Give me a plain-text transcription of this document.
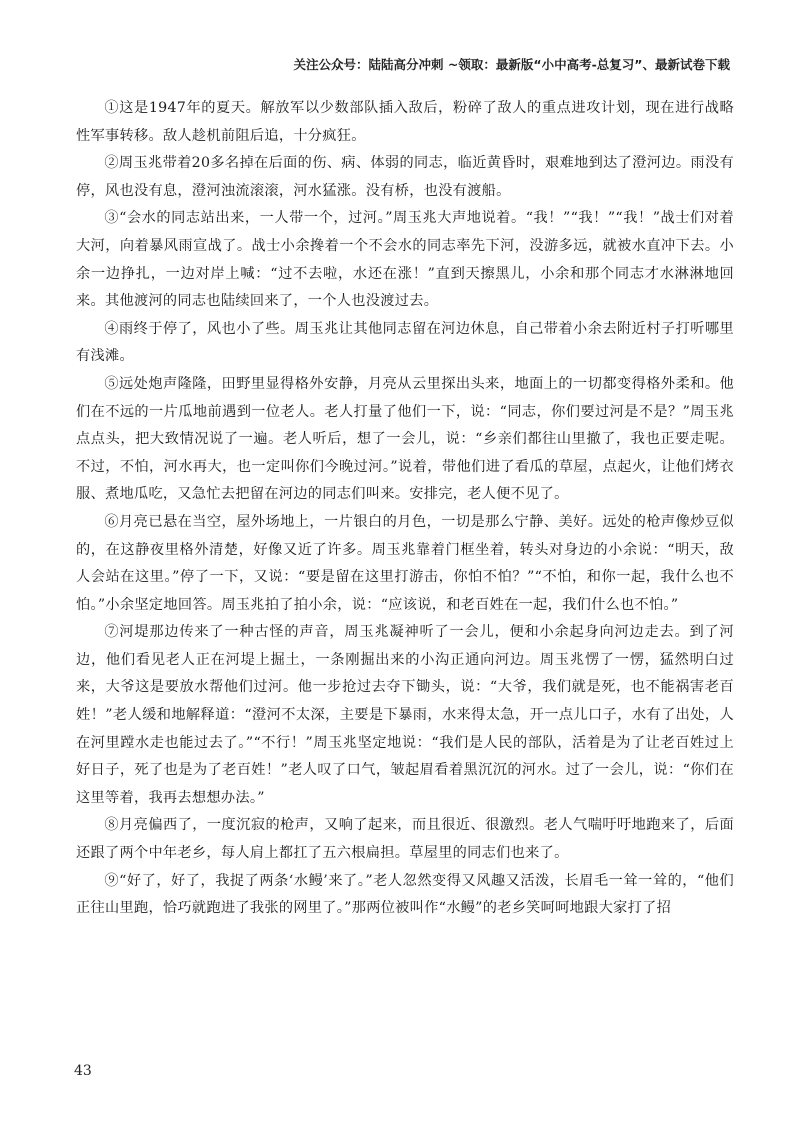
关注公众号：陆陆高分冲刺 ~领取：最新版“小中高考-总复习”、最新试卷下载

①这是1947年的夏天。解放军以少数部队插入敌后，粉碎了敌人的重点进攻计划，现在进行战略性军事转移。敌人趁机前阻后追，十分疯狂。

②周玉兆带着20多名掉在后面的伤、病、体弱的同志，临近黄昏时，艰难地到达了澄河边。雨没有停，风也没有息，澄河浊流滚滚，河水猛涨。没有桥，也没有渡船。

③“会水的同志站出来，一人带一个，过河。”周玉兆大声地说着。“我！”“我！”“我！”战士们对着大河，向着暴风雨宣战了。战士小余搀着一个不会水的同志率先下河，没游多远，就被水直冲下去。小余一边挣扎，一边对岸上喊：“过不去啦，水还在涨！”直到天擦黑儿，小余和那个同志才水淋淋地回来。其他渡河的同志也陆续回来了，一个人也没渡过去。

④雨终于停了，风也小了些。周玉兆让其他同志留在河边休息，自己带着小余去附近村子打听哪里有浅滩。

⑤远处炮声隆隆，田野里显得格外安静，月亮从云里探出头来，地面上的一切都变得格外柔和。他们在不远的一片瓜地前遇到一位老人。老人打量了他们一下，说：“同志，你们要过河是不是？”周玉兆点点头，把大致情况说了一遍。老人听后，想了一会儿，说：“乡亲们都往山里撤了，我也正要走呢。不过，不怕，河水再大，也一定叫你们今晚过河。”说着，带他们进了看瓜的草屋，点起火，让他们烤衣服、煮地瓜吃，又急忙去把留在河边的同志们叫来。安排完，老人便不见了。

⑥月亮已悬在当空，屋外场地上，一片银白的月色，一切是那么宁静、美好。远处的枪声像炒豆似的，在这静夜里格外清楚，好像又近了许多。周玉兆靠着门框坐着，转头对身边的小余说：“明天，敌人会站在这里。”停了一下，又说：“要是留在这里打游击，你怕不怕？”“不怕，和你一起，我什么也不怕。”小余坚定地回答。周玉兆拍了拍小余，说：“应该说，和老百姓在一起，我们什么也不怕。”

⑦河堤那边传来了一种古怪的声音，周玉兆凝神听了一会儿，便和小余起身向河边走去。到了河边，他们看见老人正在河堤上掘土，一条刚掘出来的小沟正通向河边。周玉兆愣了一愣，猛然明白过来，大爷这是要放水帮他们过河。他一步抢过去夺下锄头，说：“大爷，我们就是死，也不能祸害老百姓！”老人缓和地解释道：“澄河不太深，主要是下暴雨，水来得太急，开一点儿口子，水有了出处，人在河里蹚水走也能过去了。”“不行！”周玉兆坚定地说：“我们是人民的部队，活着是为了让老百姓过上好日子，死了也是为了老百姓！”老人叹了口气，皱起眉看着黑沉沉的河水。过了一会儿，说：“你们在这里等着，我再去想想办法。”

⑧月亮偏西了，一度沉寂的枪声，又响了起来，而且很近、很激烈。老人气喘吁吁地跑来了，后面还跟了两个中年老乡，每人肩上都扛了五六根扁担。草屋里的同志们也来了。

⑨“好了，好了，我捉了两条‘水鳗’来了。”老人忽然变得又风趣又活泼，长眉毛一耸一耸的，“他们正往山里跑，恰巧就跑进了我张的网里了。”那两位被叫作“水鳗”的老乡笑呵呵地跟大家打了招

43
